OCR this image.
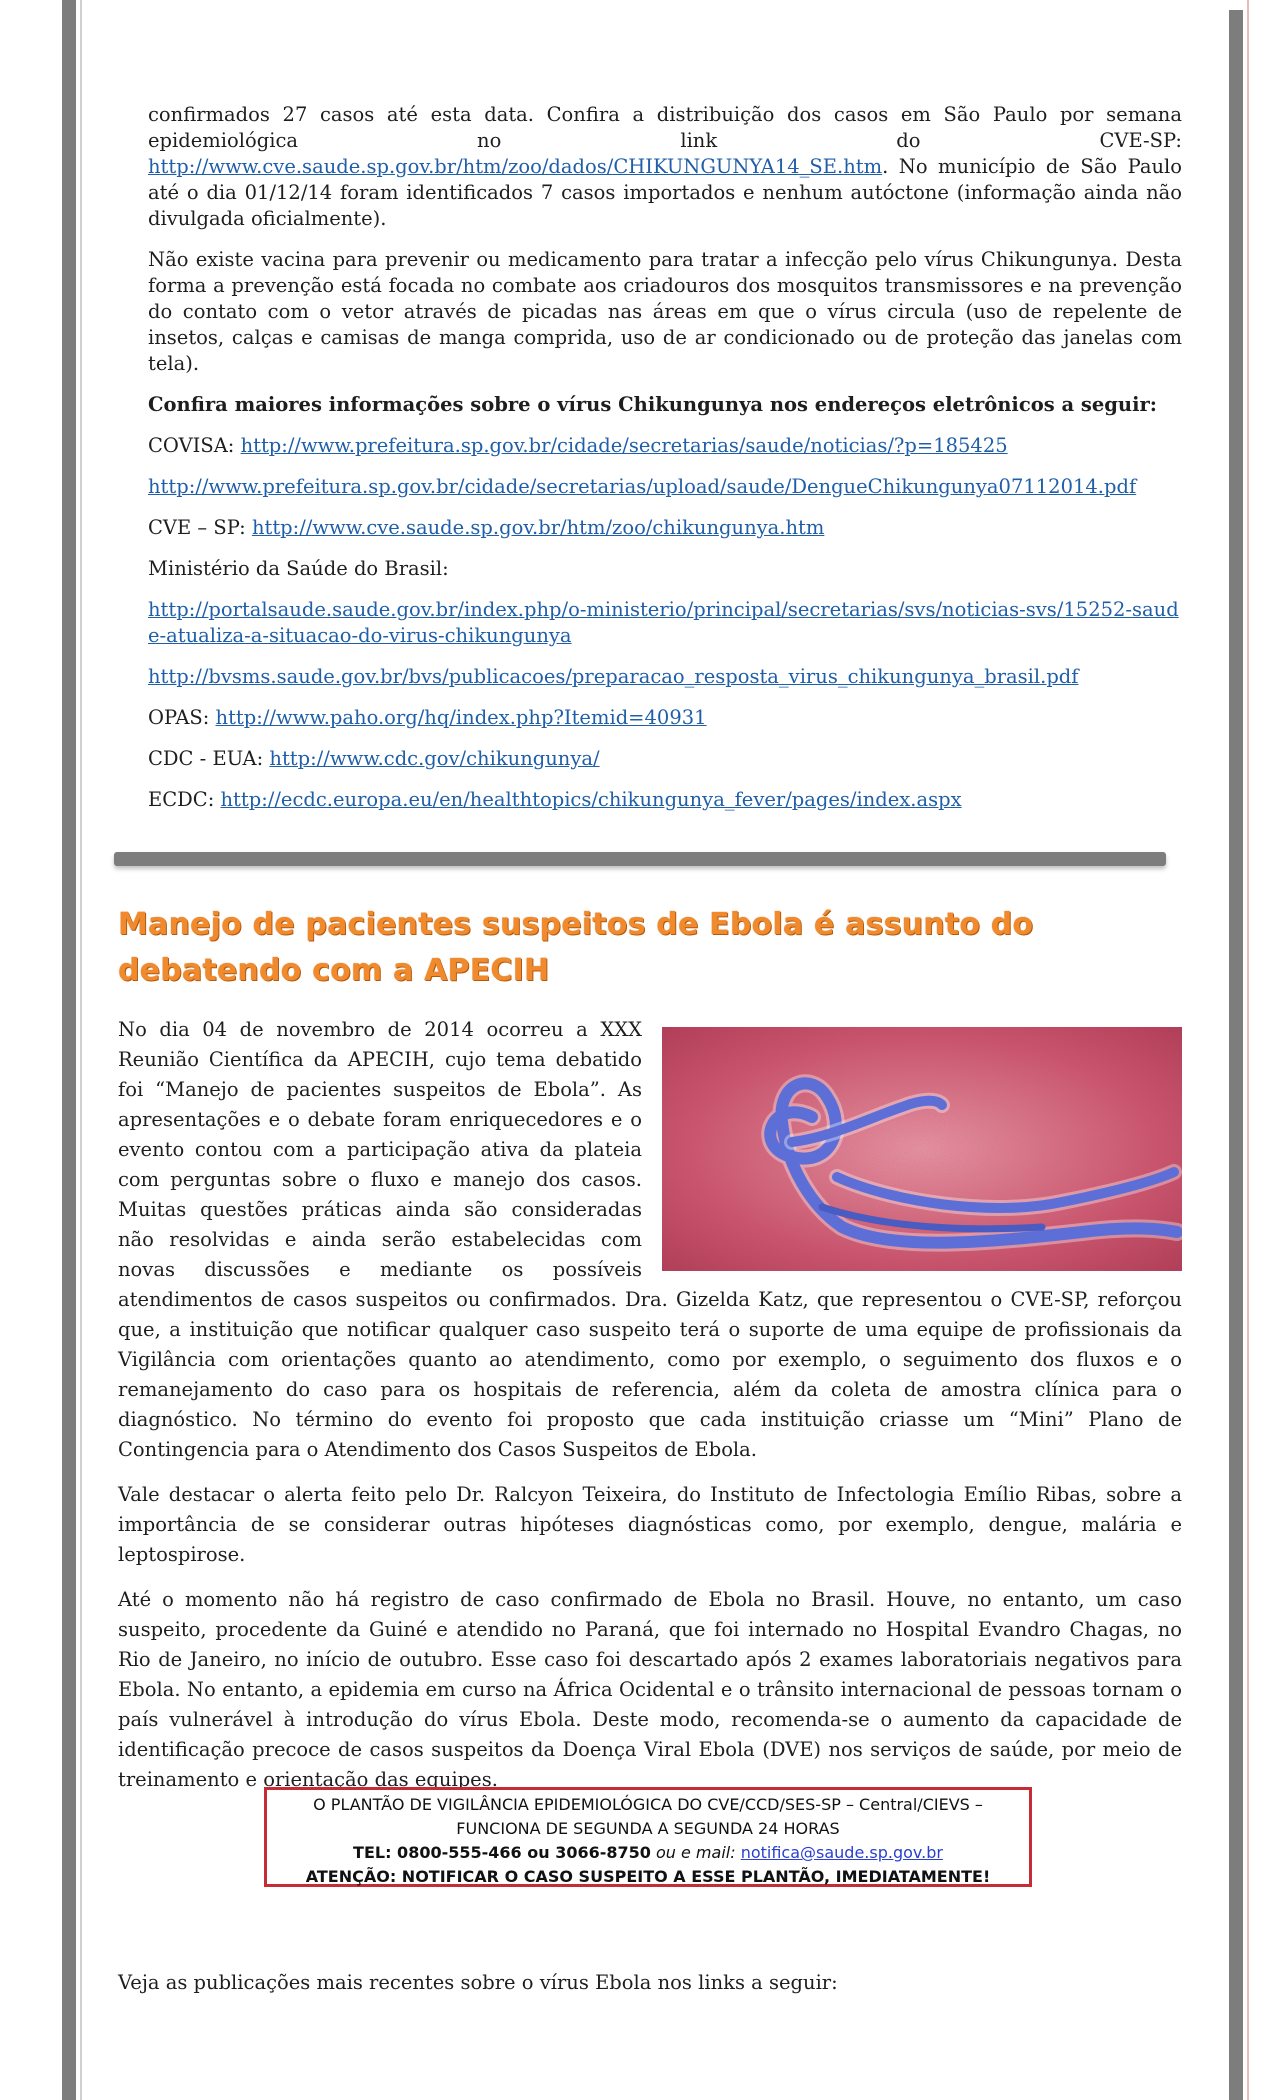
confirmados 27 casos até esta data. Confira a distribuição dos casos em São Paulo por semana epidemiológica no link do CVE-SP: http://www.cve.saude.sp.gov.br/htm/zoo/dados/CHIKUNGUNYA14_SE.htm. No município de São Paulo até o dia 01/12/14 foram identificados 7 casos importados e nenhum autóctone (informação ainda não divulgada oficialmente).

Não existe vacina para prevenir ou medicamento para tratar a infecção pelo vírus Chikungunya. Desta forma a prevenção está focada no combate aos criadouros dos mosquitos transmissores e na prevenção do contato com o vetor através de picadas nas áreas em que o vírus circula (uso de repelente de insetos, calças e camisas de manga comprida, uso de ar condicionado ou de proteção das janelas com tela).

Confira maiores informações sobre o vírus Chikungunya nos endereços eletrônicos a seguir:

COVISA: http://www.prefeitura.sp.gov.br/cidade/secretarias/saude/noticias/?p=185425

http://www.prefeitura.sp.gov.br/cidade/secretarias/upload/saude/DengueChikungunya07112014.pdf

CVE – SP: http://www.cve.saude.sp.gov.br/htm/zoo/chikungunya.htm

Ministério da Saúde do Brasil:

http://portalsaude.saude.gov.br/index.php/o-ministerio/principal/secretarias/svs/noticias-svs/15252-saude-atualiza-a-situacao-do-virus-chikungunya

http://bvsms.saude.gov.br/bvs/publicacoes/preparacao_resposta_virus_chikungunya_brasil.pdf

OPAS: http://www.paho.org/hq/index.php?Itemid=40931

CDC - EUA: http://www.cdc.gov/chikungunya/

ECDC: http://ecdc.europa.eu/en/healthtopics/chikungunya_fever/pages/index.aspx

Manejo de pacientes suspeitos de Ebola é assunto do debatendo com a APECIH

No dia 04 de novembro de 2014 ocorreu a XXX Reunião Científica da APECIH, cujo tema debatido foi “Manejo de pacientes suspeitos de Ebola”. As apresentações e o debate foram enriquecedores e o evento contou com a participação ativa da plateia com perguntas sobre o fluxo e manejo dos casos. Muitas questões práticas ainda são consideradas não resolvidas e ainda serão estabelecidas com novas discussões e mediante os possíveis atendimentos de casos suspeitos ou confirmados. Dra. Gizelda Katz, que representou o CVE-SP, reforçou que, a instituição que notificar qualquer caso suspeito terá o suporte de uma equipe de profissionais da Vigilância com orientações quanto ao atendimento, como por exemplo, o seguimento dos fluxos e o remanejamento do caso para os hospitais de referencia, além da coleta de amostra clínica para o diagnóstico. No término do evento foi proposto que cada instituição criasse um “Mini” Plano de Contingencia para o Atendimento dos Casos Suspeitos de Ebola.

Vale destacar o alerta feito pelo Dr. Ralcyon Teixeira, do Instituto de Infectologia Emílio Ribas, sobre a importância de se considerar outras hipóteses diagnósticas como, por exemplo, dengue, malária e leptospirose.

Até o momento não há registro de caso confirmado de Ebola no Brasil. Houve, no entanto, um caso suspeito, procedente da Guiné e atendido no Paraná, que foi internado no Hospital Evandro Chagas, no Rio de Janeiro, no início de outubro. Esse caso foi descartado após 2 exames laboratoriais negativos para Ebola. No entanto, a epidemia em curso na África Ocidental e o trânsito internacional de pessoas tornam o país vulnerável à introdução do vírus Ebola. Deste modo, recomenda-se o aumento da capacidade de identificação precoce de casos suspeitos da Doença Viral Ebola (DVE) nos serviços de saúde, por meio de treinamento e orientação das equipes.

O PLANTÃO DE VIGILÂNCIA EPIDEMIOLÓGICA DO CVE/CCD/SES-SP – Central/CIEVS –
FUNCIONA DE SEGUNDA A SEGUNDA 24 HORAS
TEL: 0800-555-466 ou 3066-8750 ou e mail: notifica@saude.sp.gov.br
ATENÇÃO: NOTIFICAR O CASO SUSPEITO A ESSE PLANTÃO, IMEDIATAMENTE!

Veja as publicações mais recentes sobre o vírus Ebola nos links a seguir:
